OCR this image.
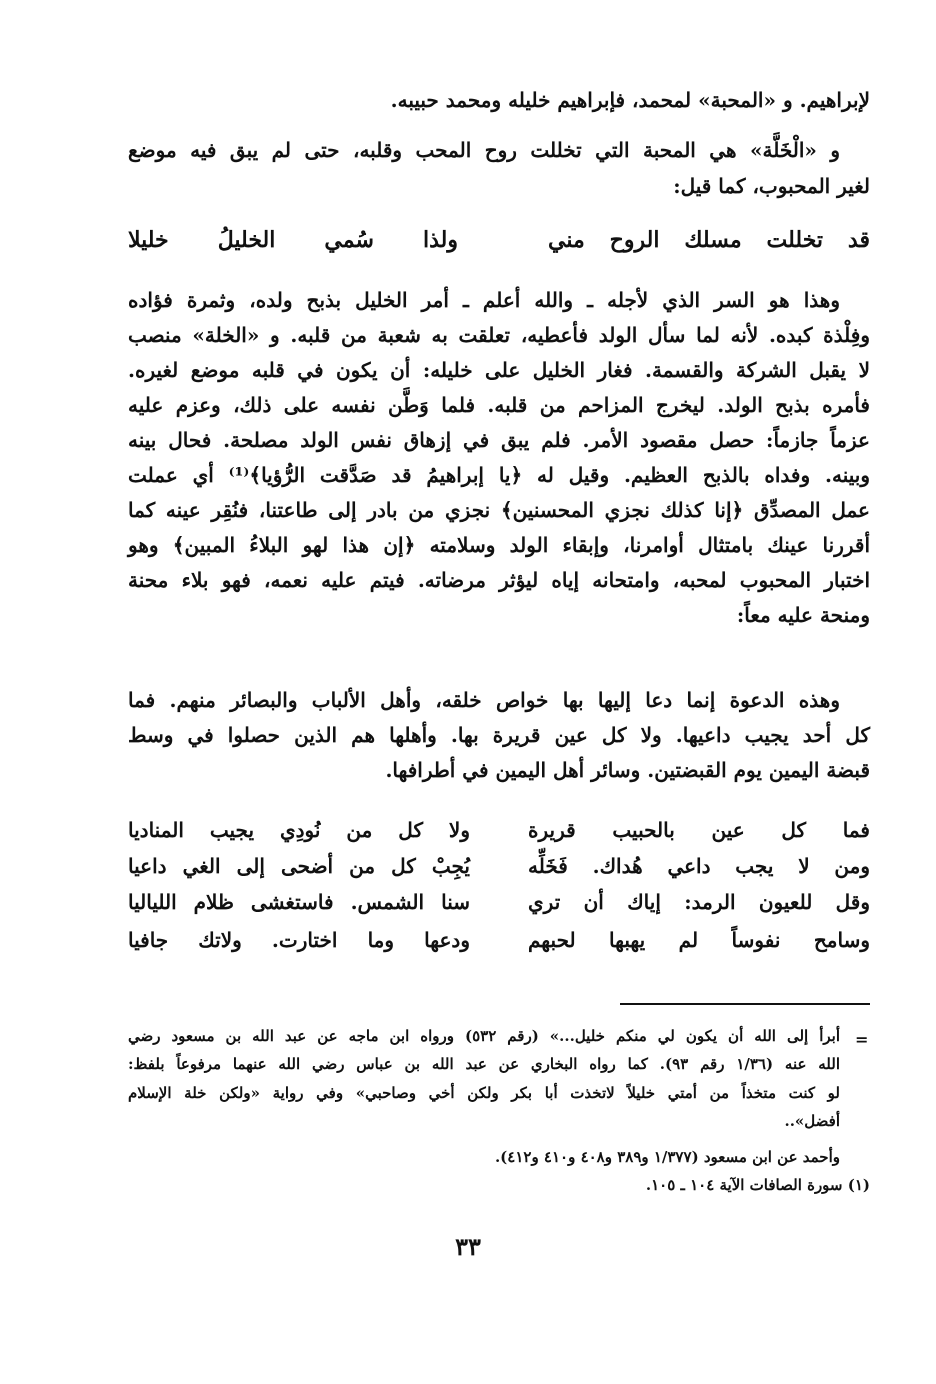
لإبراهيم. و «المحبة» لمحمد، فإبراهيم خليله ومحمد حبيبه.
و «الْخَلَّة» هي المحبة التي تخللت روح المحب وقلبه، حتى لم يبق فيه موضع
لغير المحبوب، كما قيل:
قد تخللت مسلك الروح مني
ولذا سُمي الخليلُ خليلا
وهذا هو السر الذي لأجله ـ والله أعلم ـ أمر الخليل بذبح ولده، وثمرة فؤاده
وفِلْذة كبده. لأنه لما سأل الولد فأعطيه، تعلقت به شعبة من قلبه. و «الخلة» منصب
لا يقبل الشركة والقسمة. فغار الخليل على خليله: أن يكون في قلبه موضع لغيره.
فأمره بذبح الولد. ليخرج المزاحم من قلبه. فلما وَطَّن نفسه على ذلك، وعزم عليه
عزماً جازماً: حصل مقصود الأمر. فلم يبق في إزهاق نفس الولد مصلحة. فحال بينه
وبينه. وفداه بالذبح العظيم. وقيل له ﴿يا إبراهيمُ قد صَدَّقت الرُّؤيا﴾⁽¹⁾ أي عملت
عمل المصدِّق ﴿إنا كذلك نجزي المحسنين﴾ نجزي من بادر إلى طاعتنا، فنُقِر عينه كما
أقررنا عينك بامتثال أوامرنا، وإبقاء الولد وسلامته ﴿إن هذا لهو البلاءُ المبين﴾ وهو
اختبار المحبوب لمحبه، وامتحانه إياه ليؤثر مرضاته. فيتم عليه نعمه، فهو بلاء محنة
ومنحة عليه معاً:
وهذه الدعوة إنما دعا إليها بها خواص خلقه، وأهل الألباب والبصائر منهم. فما
كل أحد يجيب داعيها. ولا كل عين قريرة بها. وأهلها هم الذين حصلوا في وسط
قبضة اليمين يوم القبضتين. وسائر أهل اليمين في أطرافها.
فما كل عين بالحبيب قريرة
ولا كل من نُودِي يجيب المناديا
ومن لا يجب داعي هُداك. فَخَلِّه
يُجِبْ كل من أضحى إلى الغي داعيا
وقل للعيون الرمد: إياك أن تري
سنا الشمس. فاستغشى ظلام اللياليا
وسامح نفوساً لم يهبها لحبهم
ودعها وما اختارت. ولاتك جافيا
=
أبرأ إلى الله أن يكون لي منكم خليل...» (رقم ٥٣٢) ورواه ابن ماجه عن عبد الله بن مسعود رضي
الله عنه (١/٣٦ رقم ٩٣). كما رواه البخاري عن عبد الله بن عباس رضي الله عنهما مرفوعاً بلفظ:
لو كنت متخذاً من أمتي خليلاً لاتخذت أبا بكر ولكن أخي وصاحبي» وفي رواية «ولكن خلة الإسلام
أفضل»..
وأحمد عن ابن مسعود (١/٣٧٧ و٣٨٩ و٤٠٨ و٤١٠ و٤١٢).
(١) سورة الصافات الآية ١٠٤ ـ ١٠٥.
٣٣
